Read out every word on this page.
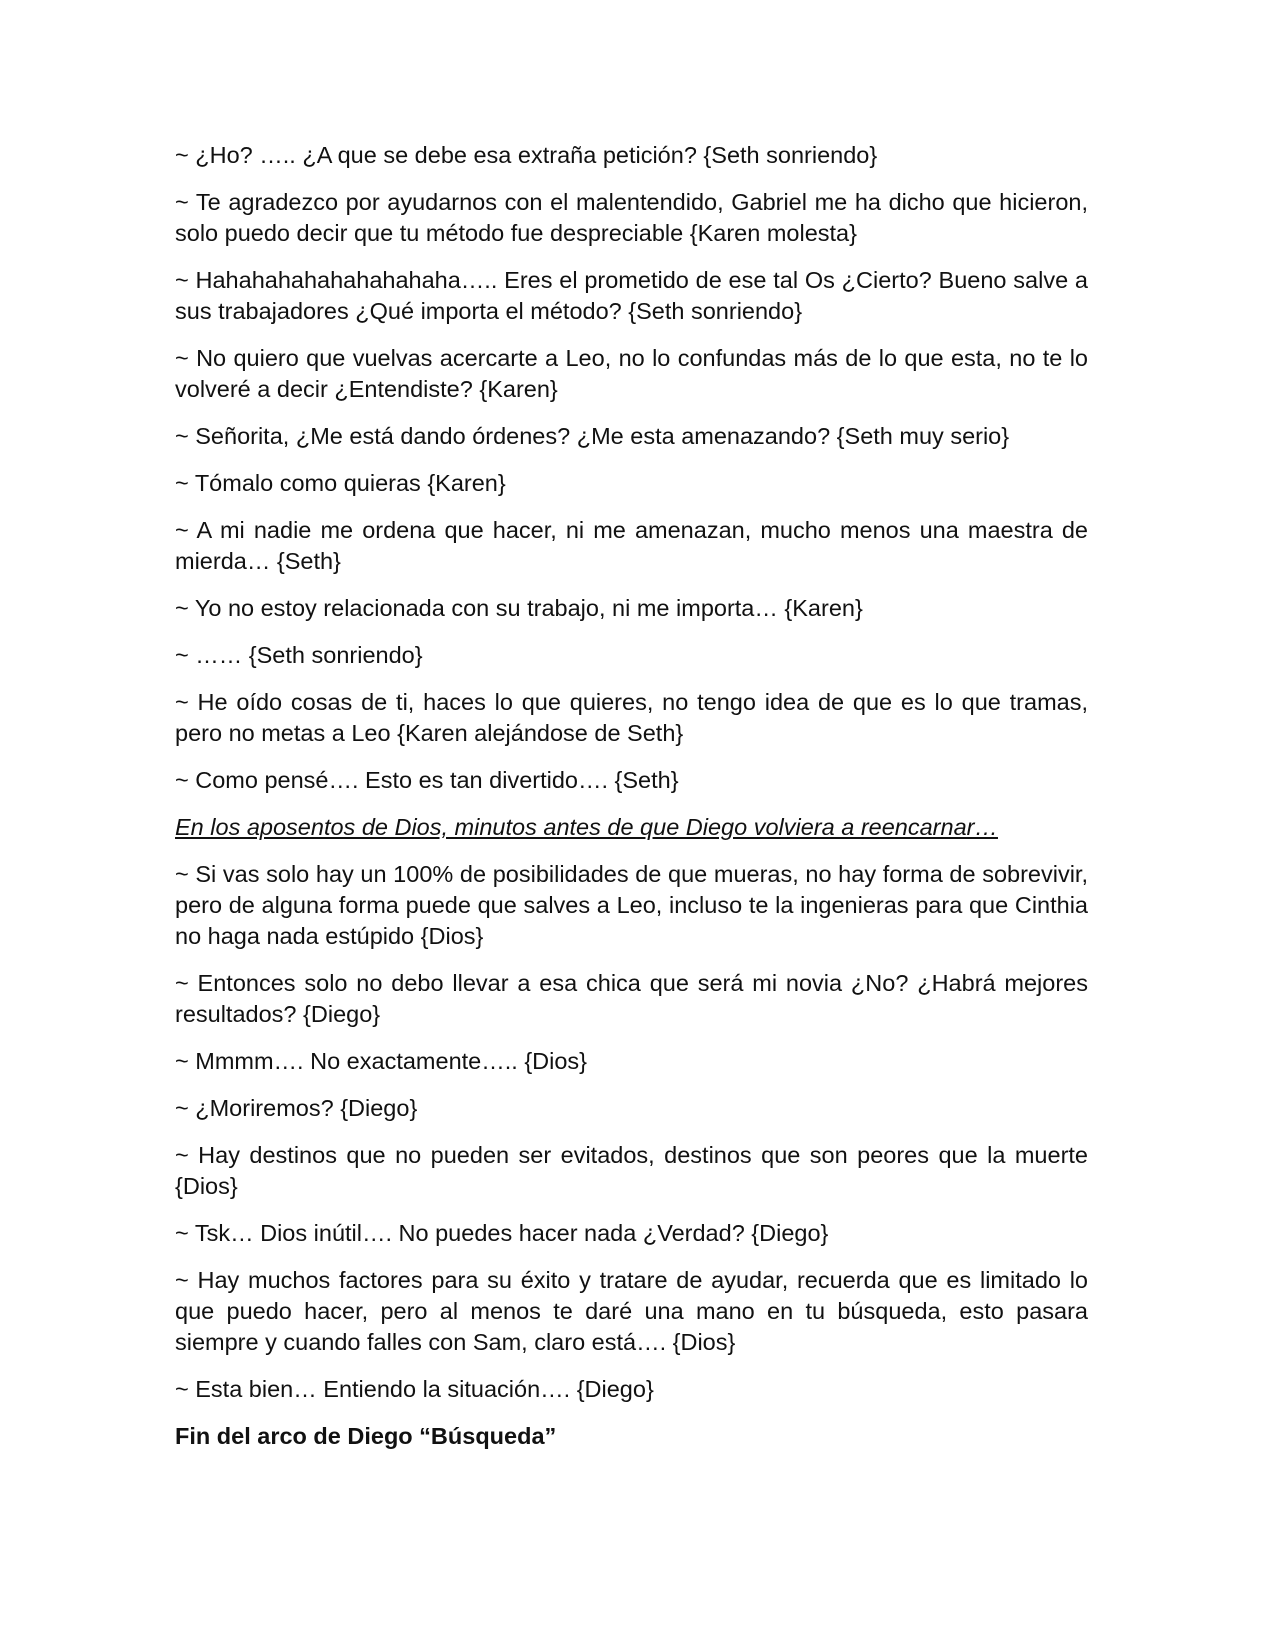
~ ¿Ho? ….. ¿A que se debe esa extraña petición? {Seth sonriendo}

~ Te agradezco por ayudarnos con el malentendido, Gabriel me ha dicho que hicieron, solo puedo decir que tu método fue despreciable {Karen molesta}

~ Hahahahahahahahahaha….. Eres el prometido de ese tal Os ¿Cierto? Bueno salve a sus trabajadores ¿Qué importa el método? {Seth sonriendo}

~ No quiero que vuelvas acercarte a Leo, no lo confundas más de lo que esta, no te lo volveré a decir ¿Entendiste? {Karen}

~ Señorita, ¿Me está dando órdenes? ¿Me esta amenazando? {Seth muy serio}

~ Tómalo como quieras {Karen}

~ A mi nadie me ordena que hacer, ni me amenazan, mucho menos una maestra de mierda… {Seth}

~ Yo no estoy relacionada con su trabajo, ni me importa… {Karen}

~ …… {Seth sonriendo}

~ He oído cosas de ti, haces lo que quieres, no tengo idea de que es lo que tramas, pero no metas a Leo {Karen alejándose de Seth}

~ Como pensé…. Esto es tan divertido…. {Seth}

En los aposentos de Dios, minutos antes de que Diego volviera a reencarnar…

~ Si vas solo hay un 100% de posibilidades de que mueras, no hay forma de sobrevivir, pero de alguna forma puede que salves a Leo, incluso te la ingenieras para que Cinthia no haga nada estúpido {Dios}

~ Entonces solo no debo llevar a esa chica que será mi novia ¿No? ¿Habrá mejores resultados? {Diego}

~ Mmmm…. No exactamente….. {Dios}

~ ¿Moriremos? {Diego}

~ Hay destinos que no pueden ser evitados, destinos que son peores que la muerte {Dios}

~ Tsk… Dios inútil…. No puedes hacer nada ¿Verdad? {Diego}

~ Hay muchos factores para su éxito y tratare de ayudar, recuerda que es limitado lo que puedo hacer, pero al menos te daré una mano en tu búsqueda, esto pasara siempre y cuando falles con Sam, claro está…. {Dios}

~ Esta bien… Entiendo la situación…. {Diego}

Fin del arco de Diego “Búsqueda”
